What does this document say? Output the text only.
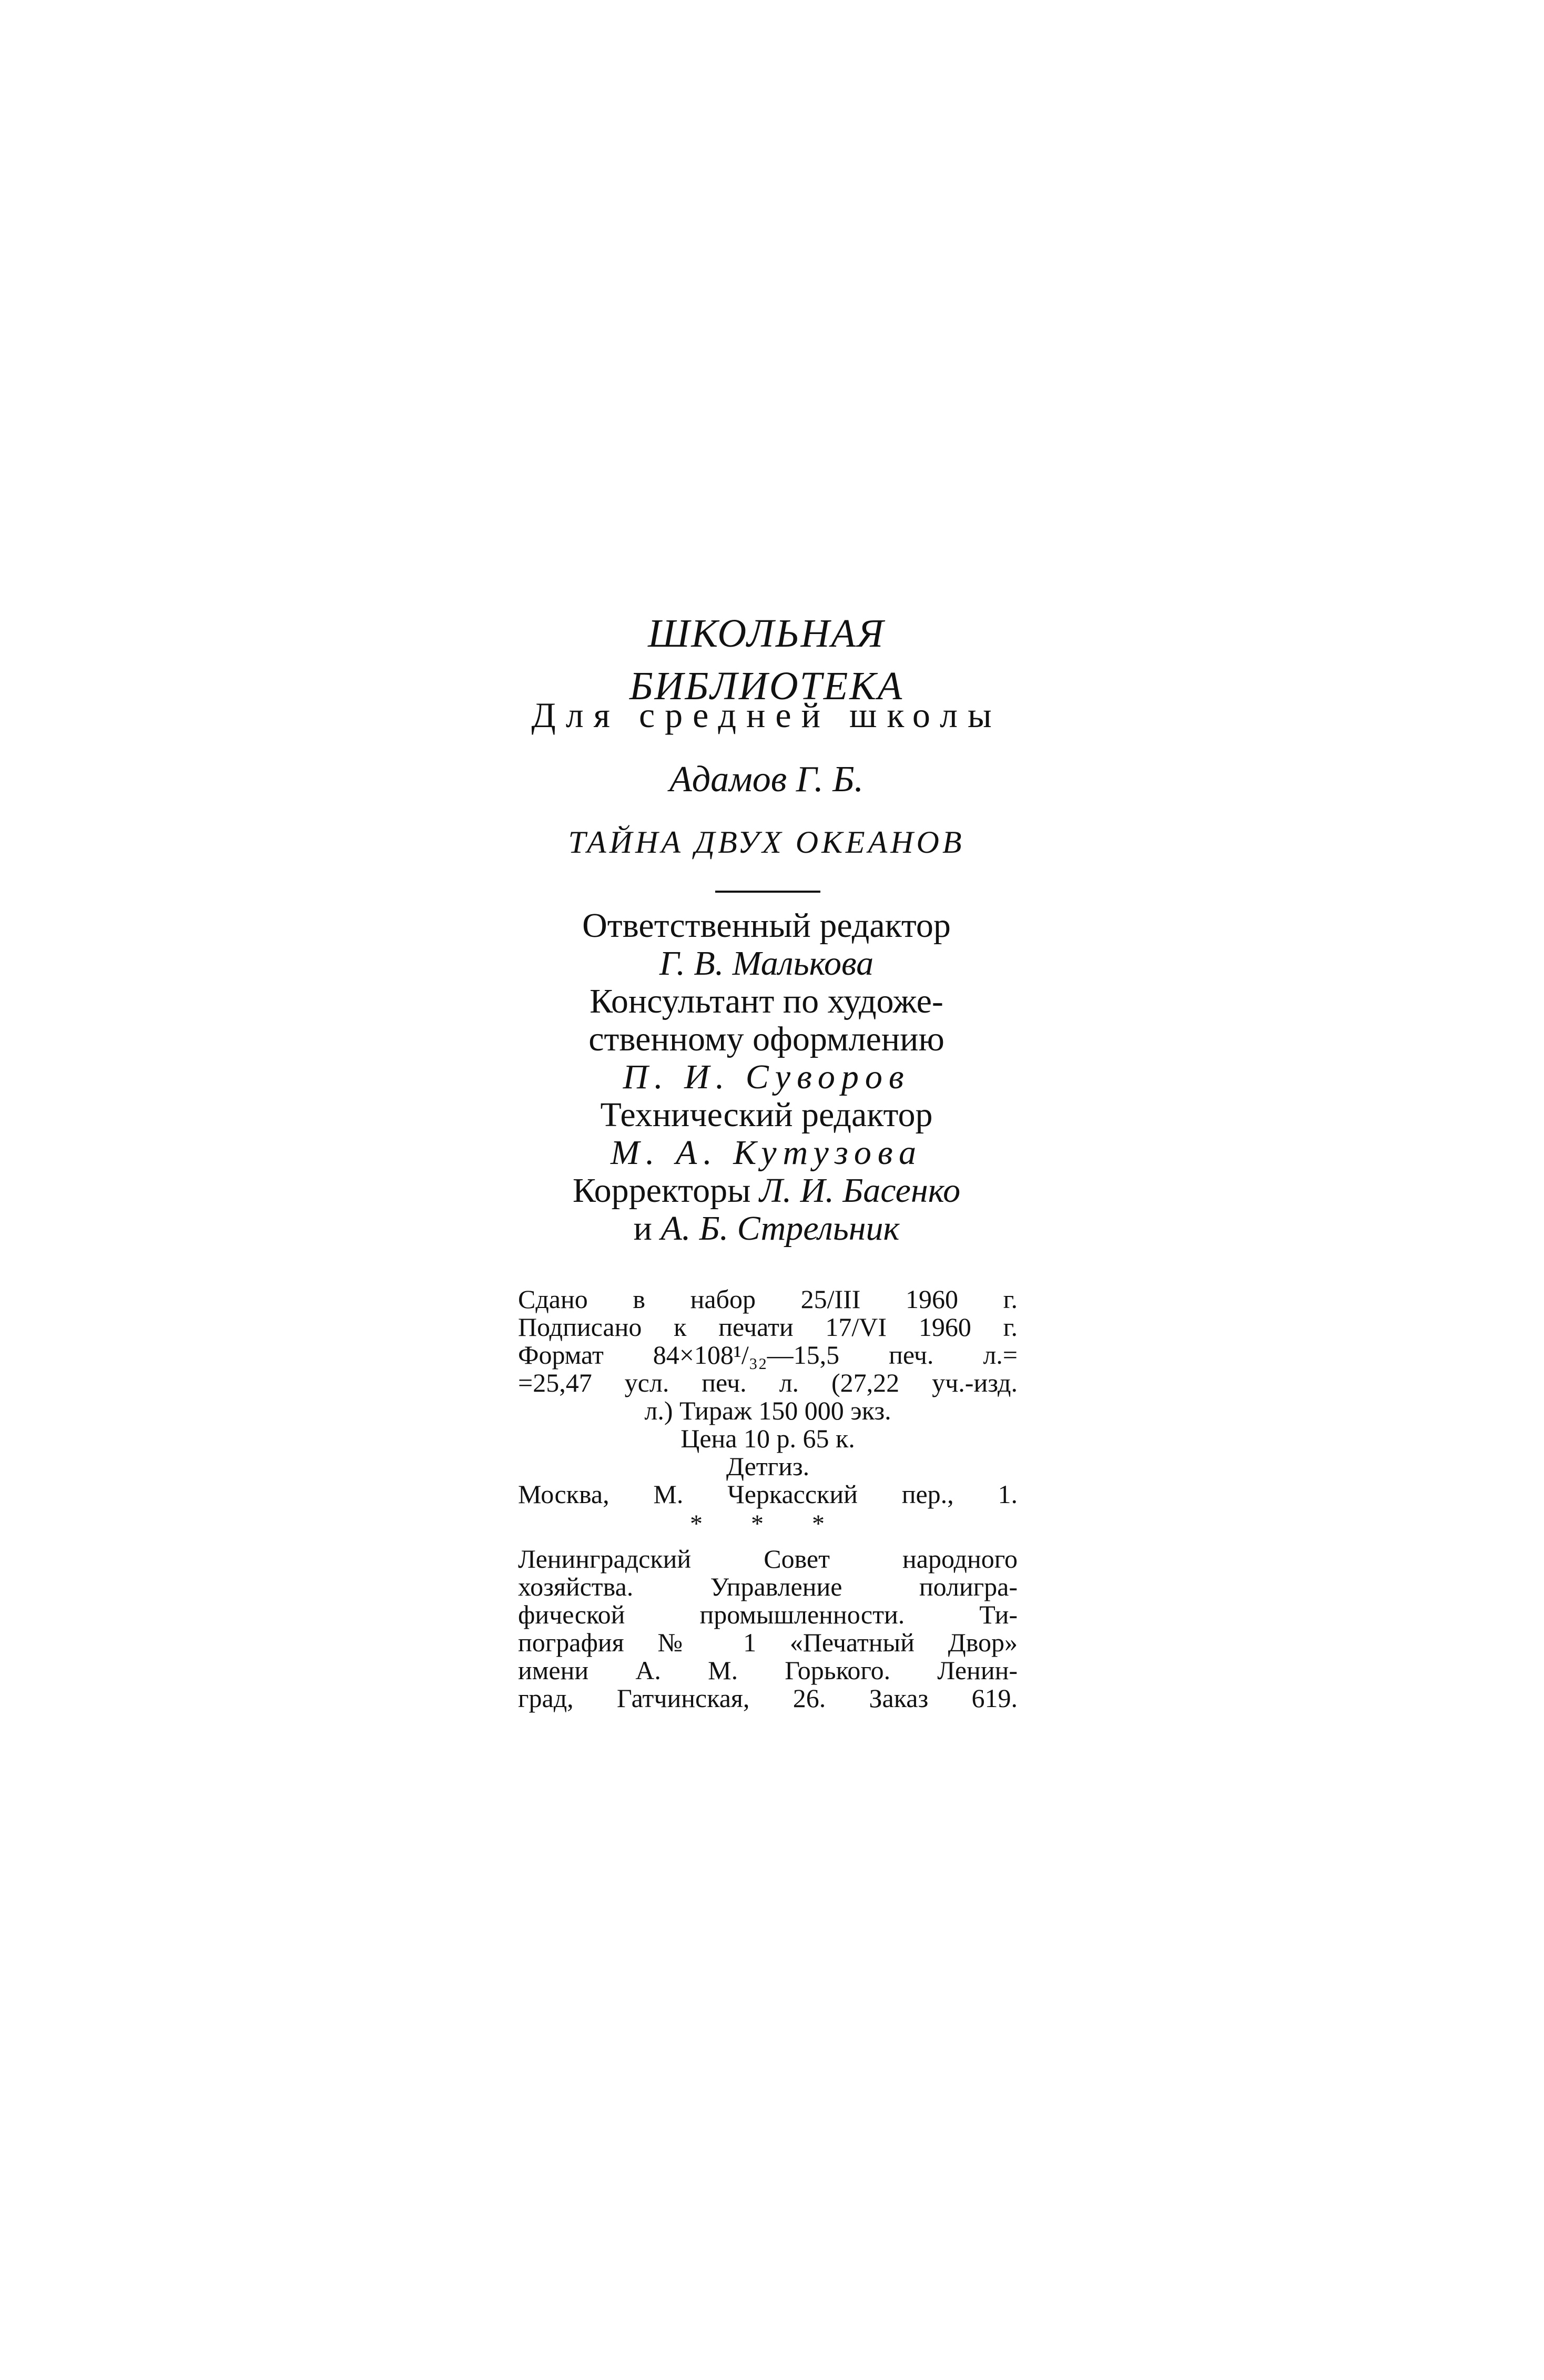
ШКОЛЬНАЯ БИБЛИОТЕКА
Для средней школы
Адамов Г. Б.
ТАЙНА ДВУХ ОКЕАНОВ
Ответственный редактор
Г. В. Малькова
Консультант по художе-
ственному оформлению
П. И. Суворов
Технический редактор
М. А. Кутузова
Корректоры Л. И. Басенко
и А. Б. Стрельник
Сдано в набор 25/III 1960 г.
Подписано к печати 17/VI 1960 г.
Формат 84×108¹/₃₂—15,5 печ. л.=
=25,47 усл. печ. л. (27,22 уч.-изд.
л.) Тираж 150 000 экз.
Цена 10 р. 65 к.
Детгиз.
Москва, М. Черкасский пер., 1.
* * *
Ленинградский Совет народного
хозяйства. Управление полигра-
фической промышленности. Ти-
пография № 1 «Печатный Двор»
имени А. М. Горького. Ленин-
град, Гатчинская, 26. Заказ 619.
